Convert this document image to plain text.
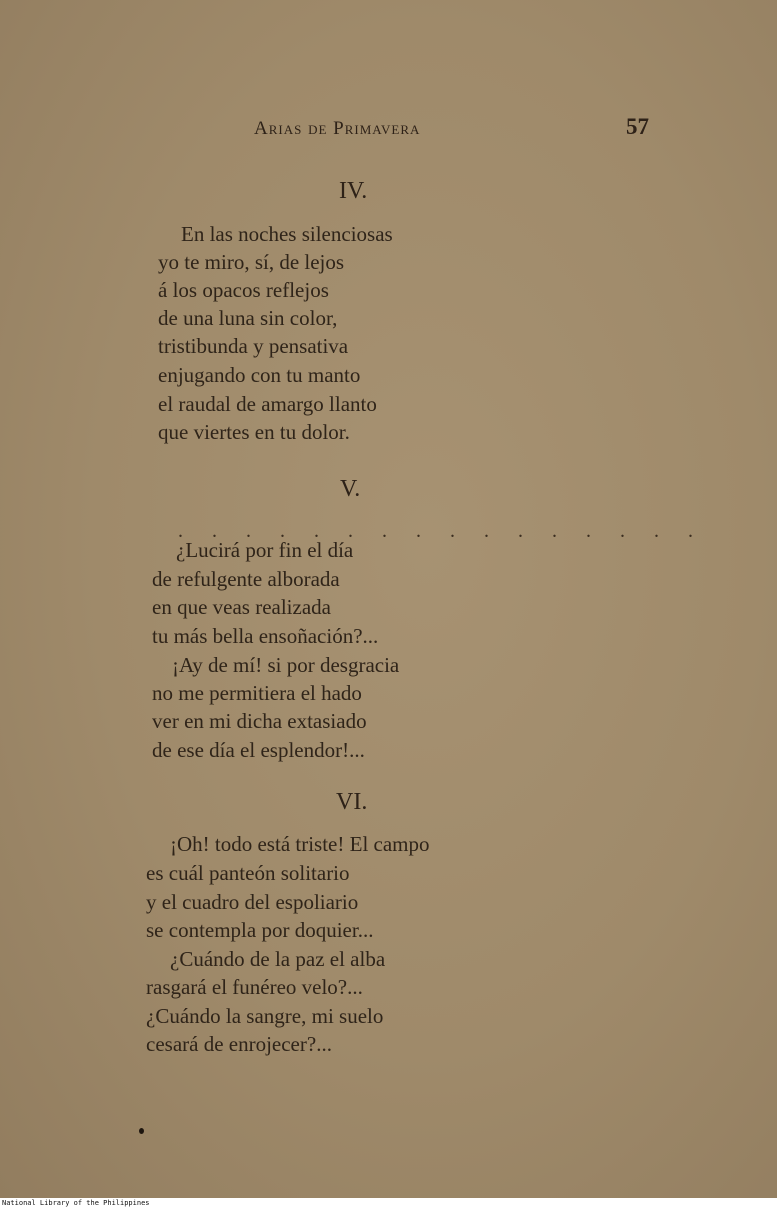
Arias de Primavera	57
IV.
En las noches silenciosas
yo te miro, sí, de lejos
á los opacos reflejos
de una luna sin color,
tristibunda y pensativa
enjugando con tu manto
el raudal de amargo llanto
que viertes en tu dolor.
V.
. . . . . . . . . . . . . . . .
¿Lucirá por fin el día
de refulgente alborada
en que veas realizada
tu más bella ensoñación?...
¡Ay de mí! si por desgracia
no me permitiera el hado
ver en mi dicha extasiado
de ese día el esplendor!...
VI.
¡Oh! todo está triste! El campo
es cuál panteón solitario
y el cuadro del espoliario
se contempla por doquier...
¿Cuándo de la paz el alba
rasgará el funéreo velo?...
¿Cuándo la sangre, mi suelo
cesará de enrojecer?...
National Library of the Philippines
